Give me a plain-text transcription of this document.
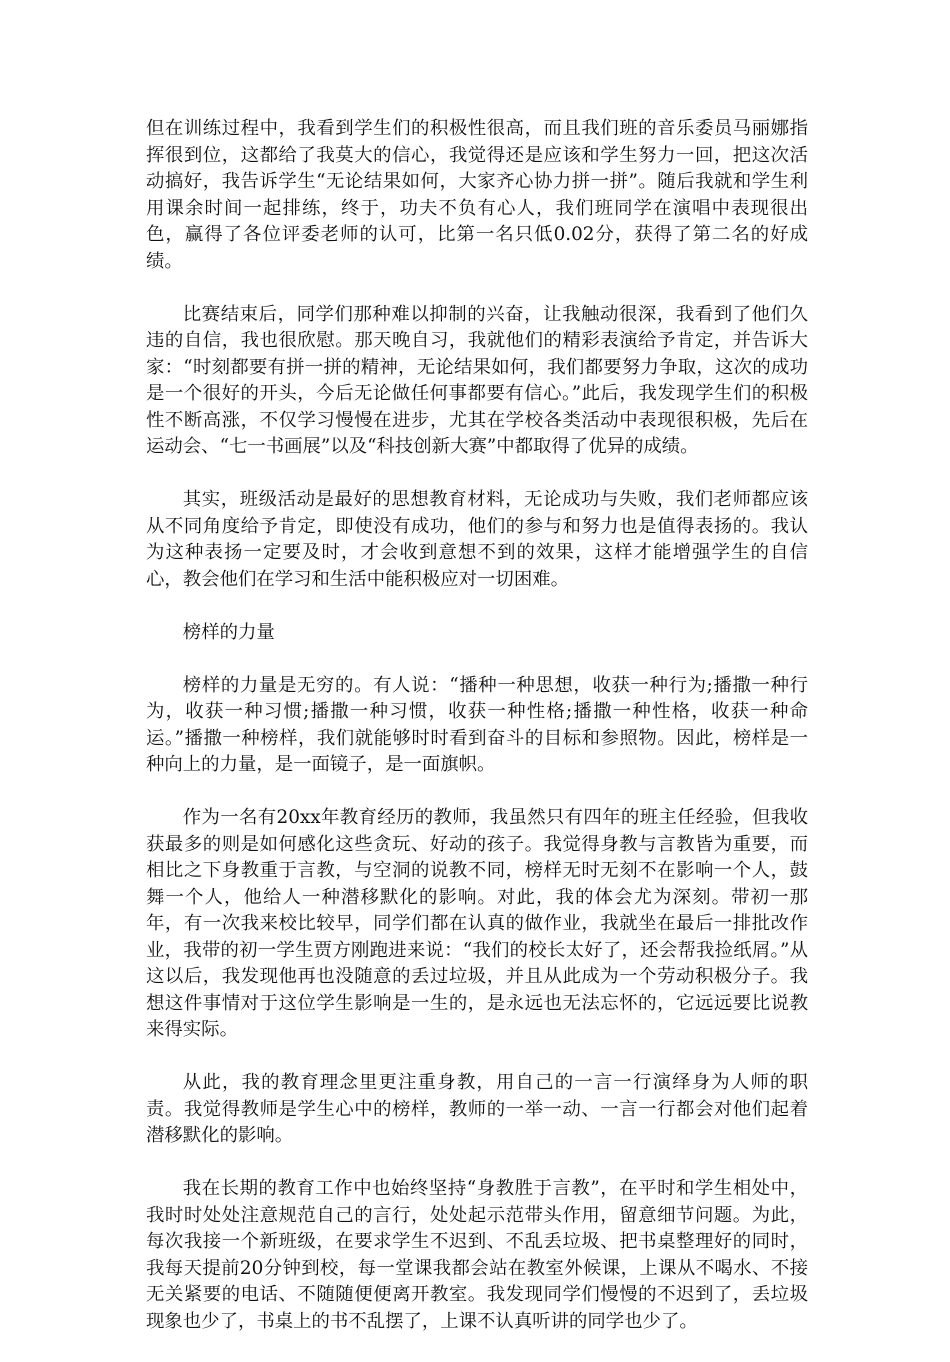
但在训练过程中，我看到学生们的积极性很高，而且我们班的音乐委员马丽娜指挥很到位，这都给了我莫大的信心，我觉得还是应该和学生努力一回，把这次活动搞好，我告诉学生“无论结果如何，大家齐心协力拼一拼”。随后我就和学生利用课余时间一起排练，终于，功夫不负有心人，我们班同学在演唱中表现很出色，赢得了各位评委老师的认可，比第一名只低0.02分，获得了第二名的好成绩。

比赛结束后，同学们那种难以抑制的兴奋，让我触动很深，我看到了他们久违的自信，我也很欣慰。那天晚自习，我就他们的精彩表演给予肯定，并告诉大家：“时刻都要有拼一拼的精神，无论结果如何，我们都要努力争取，这次的成功是一个很好的开头，今后无论做任何事都要有信心。”此后，我发现学生们的积极性不断高涨，不仅学习慢慢在进步，尤其在学校各类活动中表现很积极，先后在运动会、“七一书画展”以及“科技创新大赛”中都取得了优异的成绩。

其实，班级活动是最好的思想教育材料，无论成功与失败，我们老师都应该从不同角度给予肯定，即使没有成功，他们的参与和努力也是值得表扬的。我认为这种表扬一定要及时，才会收到意想不到的效果，这样才能增强学生的自信心，教会他们在学习和生活中能积极应对一切困难。

榜样的力量

榜样的力量是无穷的。有人说：“播种一种思想，收获一种行为;播撒一种行为，收获一种习惯;播撒一种习惯，收获一种性格;播撒一种性格，收获一种命运。”播撒一种榜样，我们就能够时时看到奋斗的目标和参照物。因此，榜样是一种向上的力量，是一面镜子，是一面旗帜。

作为一名有20xx年教育经历的教师，我虽然只有四年的班主任经验，但我收获最多的则是如何感化这些贪玩、好动的孩子。我觉得身教与言教皆为重要，而相比之下身教重于言教，与空洞的说教不同，榜样无时无刻不在影响一个人，鼓舞一个人，他给人一种潜移默化的影响。对此，我的体会尤为深刻。带初一那年，有一次我来校比较早，同学们都在认真的做作业，我就坐在最后一排批改作业，我带的初一学生贾方刚跑进来说：“我们的校长太好了，还会帮我捡纸屑。”从这以后，我发现他再也没随意的丢过垃圾，并且从此成为一个劳动积极分子。我想这件事情对于这位学生影响是一生的，是永远也无法忘怀的，它远远要比说教来得实际。

从此，我的教育理念里更注重身教，用自己的一言一行演绎身为人师的职责。我觉得教师是学生心中的榜样，教师的一举一动、一言一行都会对他们起着潜移默化的影响。

我在长期的教育工作中也始终坚持“身教胜于言教”，在平时和学生相处中，我时时处处注意规范自己的言行，处处起示范带头作用，留意细节问题。为此，每次我接一个新班级，在要求学生不迟到、不乱丢垃圾、把书桌整理好的同时，我每天提前20分钟到校，每一堂课我都会站在教室外候课，上课从不喝水、不接无关紧要的电话、不随随便便离开教室。我发现同学们慢慢的不迟到了，丢垃圾现象也少了，书桌上的书不乱摆了，上课不认真听讲的同学也少了。
